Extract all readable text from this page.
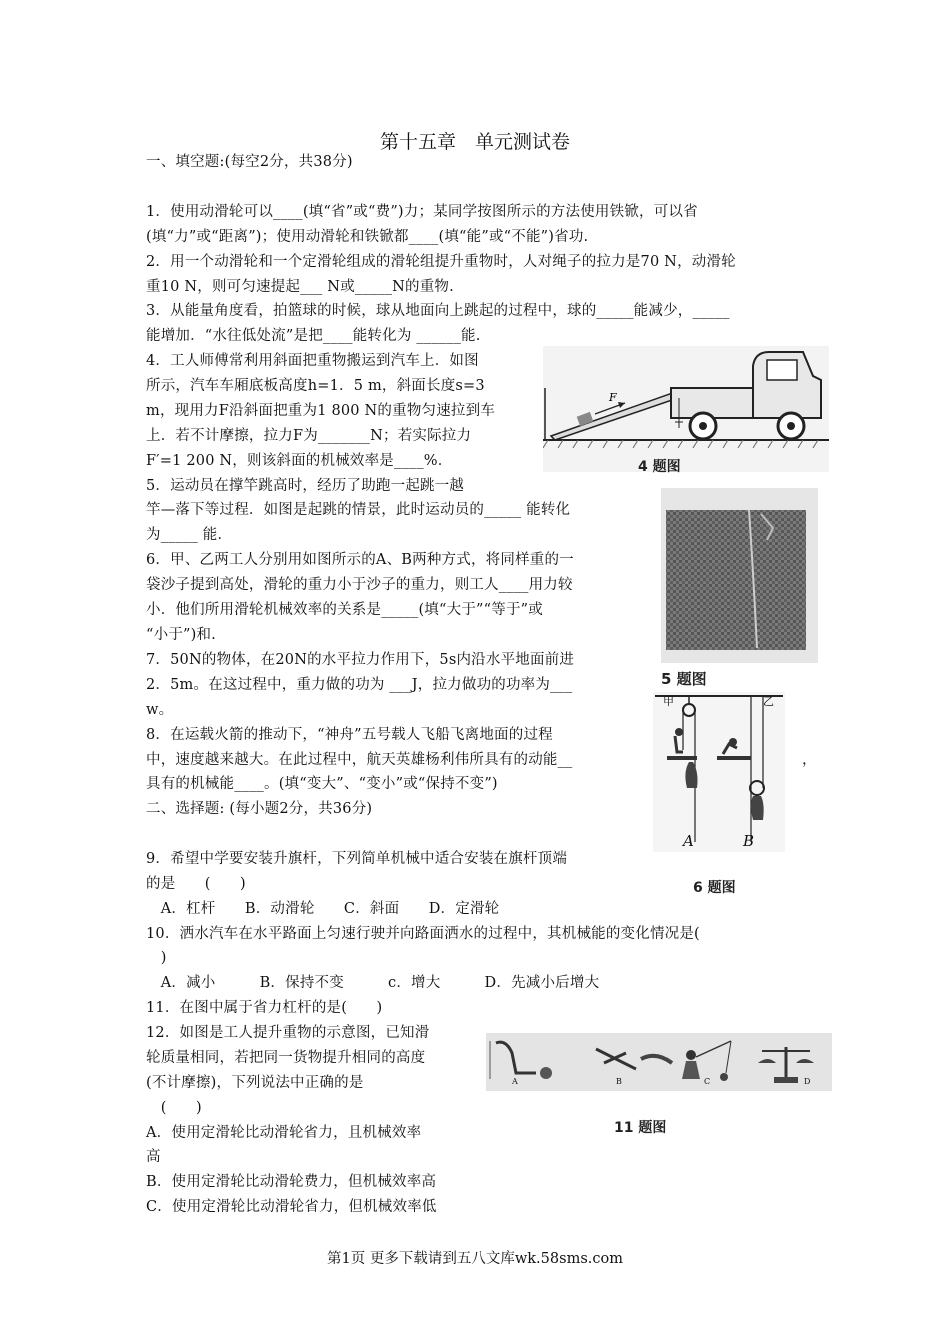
第十五章　单元测试卷
一、填空题:(每空2分，共38分)
1．使用动滑轮可以____(填“省”或“费”)力；某同学按图所示的方法使用铁锨，可以省
(填“力”或“距离”)；使用动滑轮和铁锨都____(填“能”或“不能”)省功.
2．用一个动滑轮和一个定滑轮组成的滑轮组提升重物时，人对绳子的拉力是70 N，动滑轮
重10 N，则可匀速提起___ N或_____N的重物.
3．从能量角度看，拍篮球的时候，球从地面向上跳起的过程中，球的_____能减少，_____
能增加．“水往低处流”是把____能转化为 ______能.
4．工人师傅常利用斜面把重物搬运到汽车上．如图
所示，汽车车厢底板高度h=1．5 m，斜面长度s=3
m，现用力F沿斜面把重为1 800 N的重物匀速拉到车
上．若不计摩擦，拉力F为_______N；若实际拉力
F′=1 200 N，则该斜面的机械效率是____%．
5．运动员在撑竿跳高时，经历了助跑一起跳一越
竿—落下等过程．如图是起跳的情景，此时运动员的_____ 能转化
为_____ 能．
6．甲、乙两工人分别用如图所示的A、B两种方式，将同样重的一
袋沙子提到高处，滑轮的重力小于沙子的重力，则工人____用力较
小．他们所用滑轮机械效率的关系是_____(填“大于”“等于”或
“小于”)和.
7．50N的物体，在20N的水平拉力作用下，5s内沿水平地面前进
2．5m。在这过程中，重力做的功为 ___J，拉力做功的功率为___
w。
8．在运载火箭的推动下，“神舟”五号载人飞船飞离地面的过程
中，速度越来越大。在此过程中，航天英雄杨利伟所具有的动能__	，
具有的机械能____。(填“变大”、“变小”或“保持不变”)
二、选择题: (每小题2分，共36分)
9．希望中学要安装升旗杆，下列简单机械中适合安装在旗杆顶端
的是　　(　　)
　A．杠杆　　B．动滑轮　　C．斜面　　D．定滑轮
10．洒水汽车在水平路面上匀速行驶并向路面洒水的过程中，其机械能的变化情况是(
　)
　A．减小　　　B．保持不变　　　c．增大　　　D．先减小后增大
11．在图中属于省力杠杆的是(　　)
12．如图是工人提升重物的示意图，已知滑
轮质量相同，若把同一货物提升相同的高度
(不计摩擦)，下列说法中正确的是
　(　　)
A．使用定滑轮比动滑轮省力，且机械效率
高
B．使用定滑轮比动滑轮费力，但机械效率高
C．使用定滑轮比动滑轮省力，但机械效率低
F
4 题图
5 题图
甲	乙
A	B
6 题图
A	B	C	D
11 题图
第1页 更多下载请到五八文库wk.58sms.com
